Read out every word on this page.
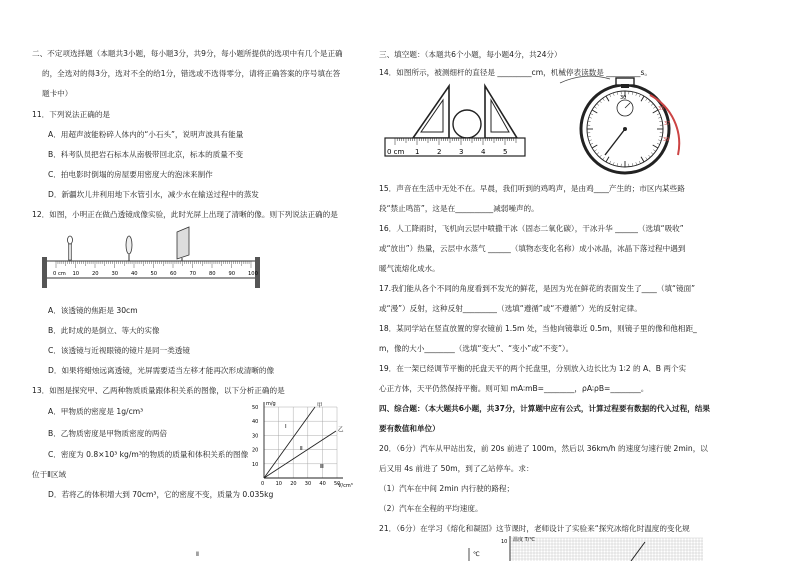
二、不定项选择题（本题共3小题，每小题3分，共9分，每小题所提供的选项中有几个是正确
的，全选对的得3分，选对不全的给1分，错选或不选得零分，请将正确答案的序号填在答
题卡中）
11．下列说法正确的是
A．用超声波能粉碎人体内的“小石头”，说明声波具有能量
B．科考队员把岩石标本从南极带回北京，标本的质量不变
C．拍电影时倒塌的房屋要用密度大的泡沫来制作
D．新疆坎儿井利用地下水管引水，减少水在输送过程中的蒸发
12．如图，小明正在做凸透镜成像实验，此时光屏上出现了清晰的像。则下列说法正确的是
0 cm 10 20 30 40 50 60 70 80 90 100
A．该透镜的焦距是 30cm
B．此时成的是倒立、等大的实像
C．该透镜与近视眼镜的镜片是同一类透镜
D．如果将蜡烛远离透镜，光屏需要适当左移才能再次形成清晰的像
13．如图是探究甲、乙两种物质质量跟体积关系的图像，以下分析正确的是
A．甲物质的密度是 1g/cm³
B．乙物质密度是甲物质密度的两倍
C．密度为 0.8×10³ kg/m³的物质的质量和体积关系的图像
位于Ⅱ区域
D．若将乙的体积增大到 70cm³，它的密度不变，质量为 0.035kg
m/g
V/cm³
甲
乙
Ⅰ
Ⅱ
Ⅲ
10
20
30
40
50
0 10 20 30 40 50
Ⅱ
三、填空题：（本题共6个小题，每小题4分，共24分）
14．如图所示，被测细杆的直径是 _________cm，机械停表读数是 _________s。
0 cm 1	2	3	4	5
35
37
39
30
15．声音在生活中无处不在。早晨，我们听到的鸡鸣声，是由鸡____产生的；市区内某些路
段“禁止鸣笛”，这是在__________减弱噪声的。
16．人工降雨时，飞机向云层中喷撒干冰（固态二氧化碳），干冰升华 ______（选填“吸收”
或“放出”）热量，云层中水蒸气 ______（填物态变化名称）成小冰晶，冰晶下落过程中遇到
暖气流熔化成水。
17.我们能从各个不同的角度看到不发光的鲜花，是因为光在鲜花的表面发生了____（填“镜面”
或“漫”）反射，这种反射_________（选填“遵循”或“不遵循”）光的反射定律。
18．某同学站在竖直放置的穿衣镜前 1.5m 处，当他向镜靠近 0.5m，则镜子里的像和他相距_
m，像的大小________（选填“变大”、“变小”或“不变”）。
19．在一架已经调节平衡的托盘天平的两个托盘里，分别放入边长比为 1∶2 的 A、B 两个实
心正方体，天平仍然保持平衡。则可知 mA∶mB=________，ρA∶ρB=________。
四、综合题：（本大题共6小题，共37分，计算题中应有公式，计算过程要有数据的代入过程，结果
要有数值和单位）
20．（6分）汽车从甲站出发，前 20s 前进了 100m，然后以 36km/h 的速度匀速行驶 2min，以
后又用 4s 前进了 50m，到了乙站停车。求：
（1）汽车在中间 2min 内行驶的路程；
（2）汽车在全程的平均速度。
21．（6分）在学习《熔化和凝固》这节课时，老师设计了实验来“探究冰熔化时温度的变化规
温度 T/℃
10
℃
